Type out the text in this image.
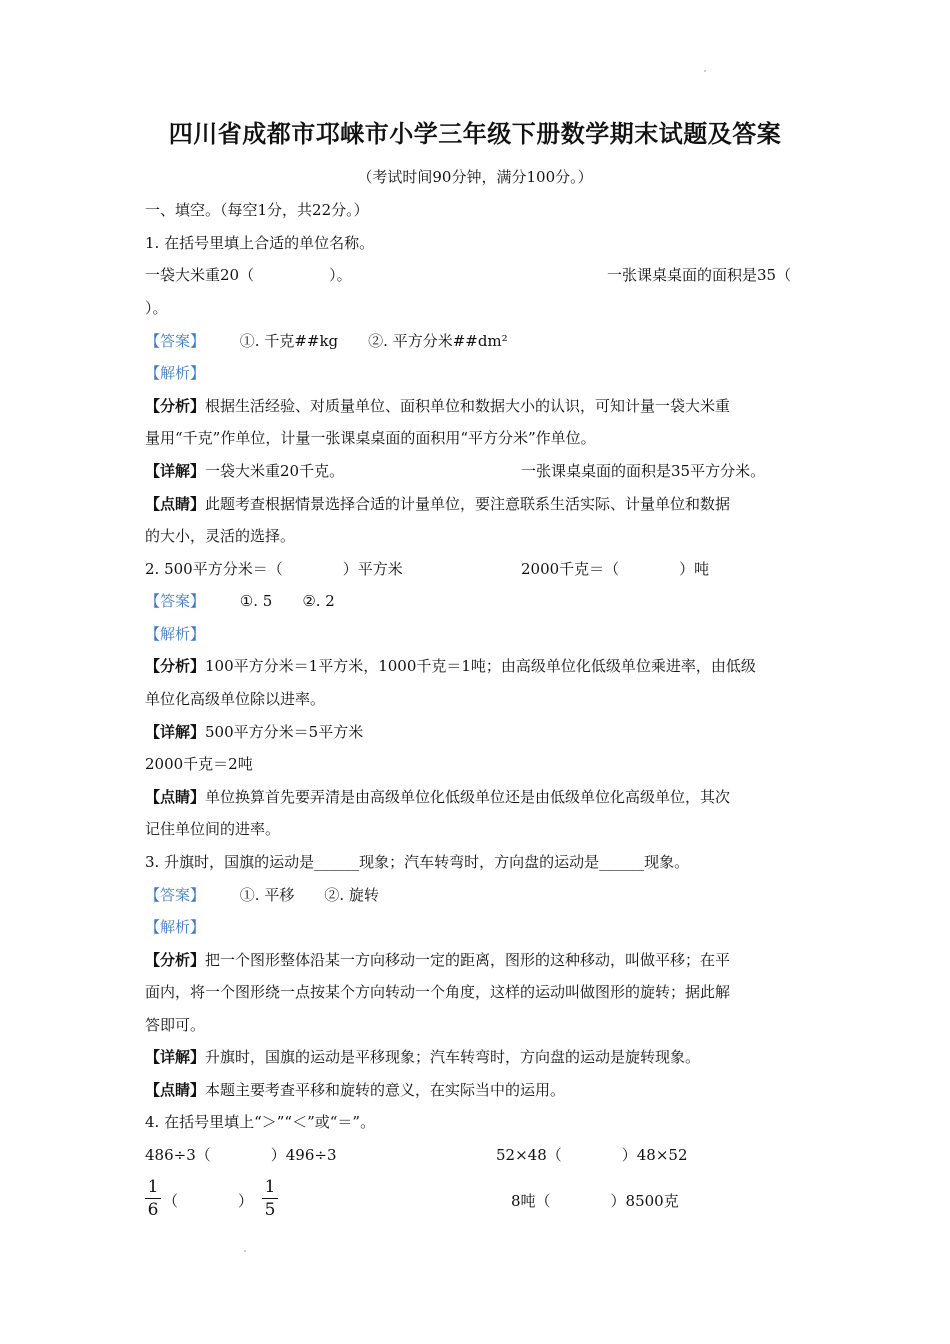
四川省成都市邛崃市小学三年级下册数学期末试题及答案
（考试时间90分钟，满分100分。）
一、填空。（每空1分，共22分。）
1. 在括号里填上合适的单位名称。
一袋大米重20（　　　　　）。	一张课桌桌面的面积是35（
）。
【答案】 ①. 千克##kg　　②. 平方分米##dm²
【解析】
【分析】根据生活经验、对质量单位、面积单位和数据大小的认识，可知计量一袋大米重
量用“千克”作单位，计量一张课桌桌面的面积用“平方分米”作单位。
【详解】一袋大米重20千克。	一张课桌桌面的面积是35平方分米。
【点睛】此题考查根据情景选择合适的计量单位，要注意联系生活实际、计量单位和数据
的大小，灵活的选择。
2. 500平方分米＝（　　　　）平方米	2000千克＝（　　　　）吨
【答案】 ①. 5　　②. 2
【解析】
【分析】100平方分米＝1平方米，1000千克＝1吨；由高级单位化低级单位乘进率，由低级
单位化高级单位除以进率。
【详解】500平方分米＝5平方米
2000千克＝2吨
【点睛】单位换算首先要弄清是由高级单位化低级单位还是由低级单位化高级单位，其次
记住单位间的进率。
3. 升旗时，国旗的运动是______现象；汽车转弯时，方向盘的运动是______现象。
【答案】 ①. 平移　　②. 旋转
【解析】
【分析】把一个图形整体沿某一方向移动一定的距离，图形的这种移动，叫做平移；在平
面内，将一个图形绕一点按某个方向转动一个角度，这样的运动叫做图形的旋转；据此解
答即可。
【详解】升旗时，国旗的运动是平移现象；汽车转弯时，方向盘的运动是旋转现象。
【点睛】本题主要考查平移和旋转的意义，在实际当中的运用。
4. 在括号里填上“＞”“＜”或“＝”。
486÷3（　　　　）496÷3	52×48（　　　　）48×52
1
6 （　　　　）
1
5	8吨（　　　　）8500克
